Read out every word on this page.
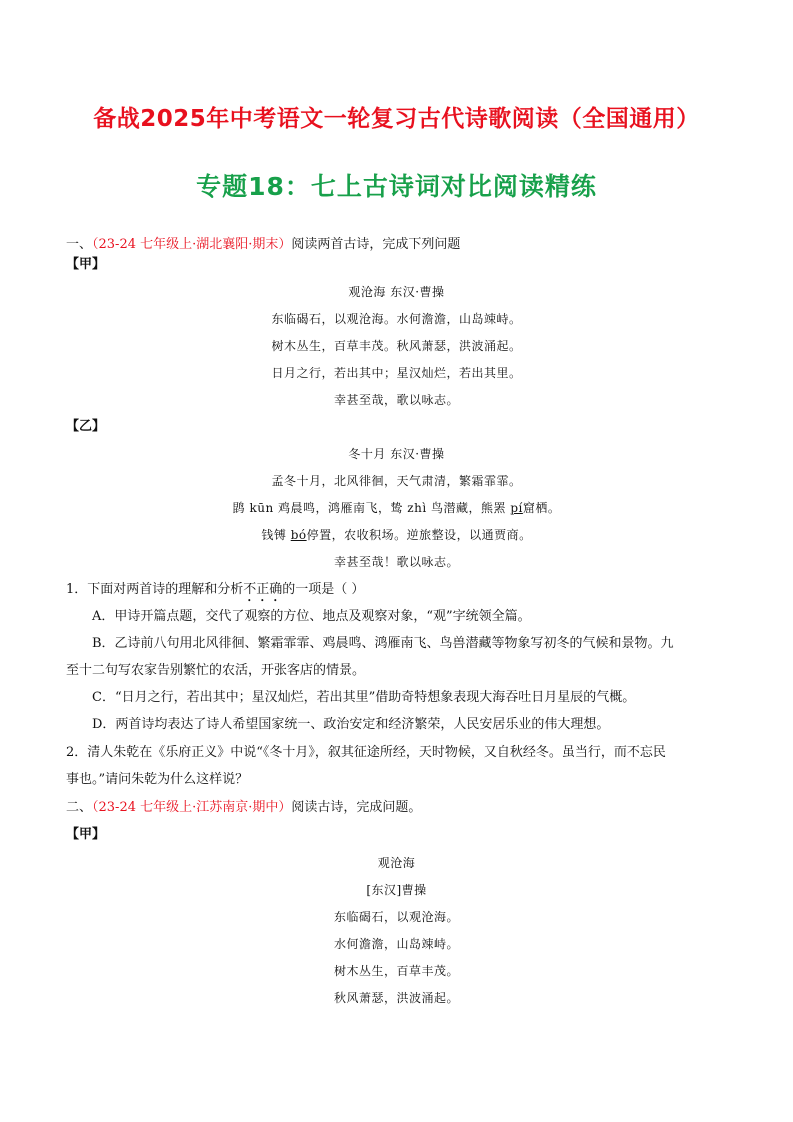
备战2025年中考语文一轮复习古代诗歌阅读（全国通用）
专题18：七上古诗词对比阅读精练
一、（23-24 七年级上·湖北襄阳·期末）阅读两首古诗，完成下列问题
【甲】
观沧海 东汉·曹操
东临碣石，以观沧海。水何澹澹，山岛竦峙。
树木丛生，百草丰茂。秋风萧瑟，洪波涌起。
日月之行，若出其中；星汉灿烂，若出其里。
幸甚至哉，歌以咏志。
【乙】
冬十月 东汉·曹操
孟冬十月，北风徘徊，天气肃清，繁霜霏霏。
鹍 kūn 鸡晨鸣，鸿雁南飞，鸷 zhì 鸟潜藏，熊罴 pí窟栖。
钱镈 bó停置，农收积场。逆旅整设，以通贾商。
幸甚至哉！歌以咏志。
1．下面对两首诗的理解和分析不正确的一项是（ ）
A．甲诗开篇点题，交代了观察的方位、地点及观察对象，“观”字统领全篇。
B．乙诗前八句用北风徘徊、繁霜霏霏、鸡晨鸣、鸿雁南飞、鸟兽潜藏等物象写初冬的气候和景物。九
至十二句写农家告别繁忙的农活，开张客店的情景。
C．“日月之行，若出其中；星汉灿烂，若出其里”借助奇特想象表现大海吞吐日月星辰的气概。
D．两首诗均表达了诗人希望国家统一、政治安定和经济繁荣，人民安居乐业的伟大理想。
2．清人朱乾在《乐府正义》中说“《冬十月》，叙其征途所经，天时物候，又自秋经冬。虽当行，而不忘民
事也。”请问朱乾为什么这样说？
二、（23-24 七年级上·江苏南京·期中）阅读古诗，完成问题。
【甲】
观沧海
[东汉]曹操
东临碣石，以观沧海。
水何澹澹，山岛竦峙。
树木丛生，百草丰茂。
秋风萧瑟，洪波涌起。
